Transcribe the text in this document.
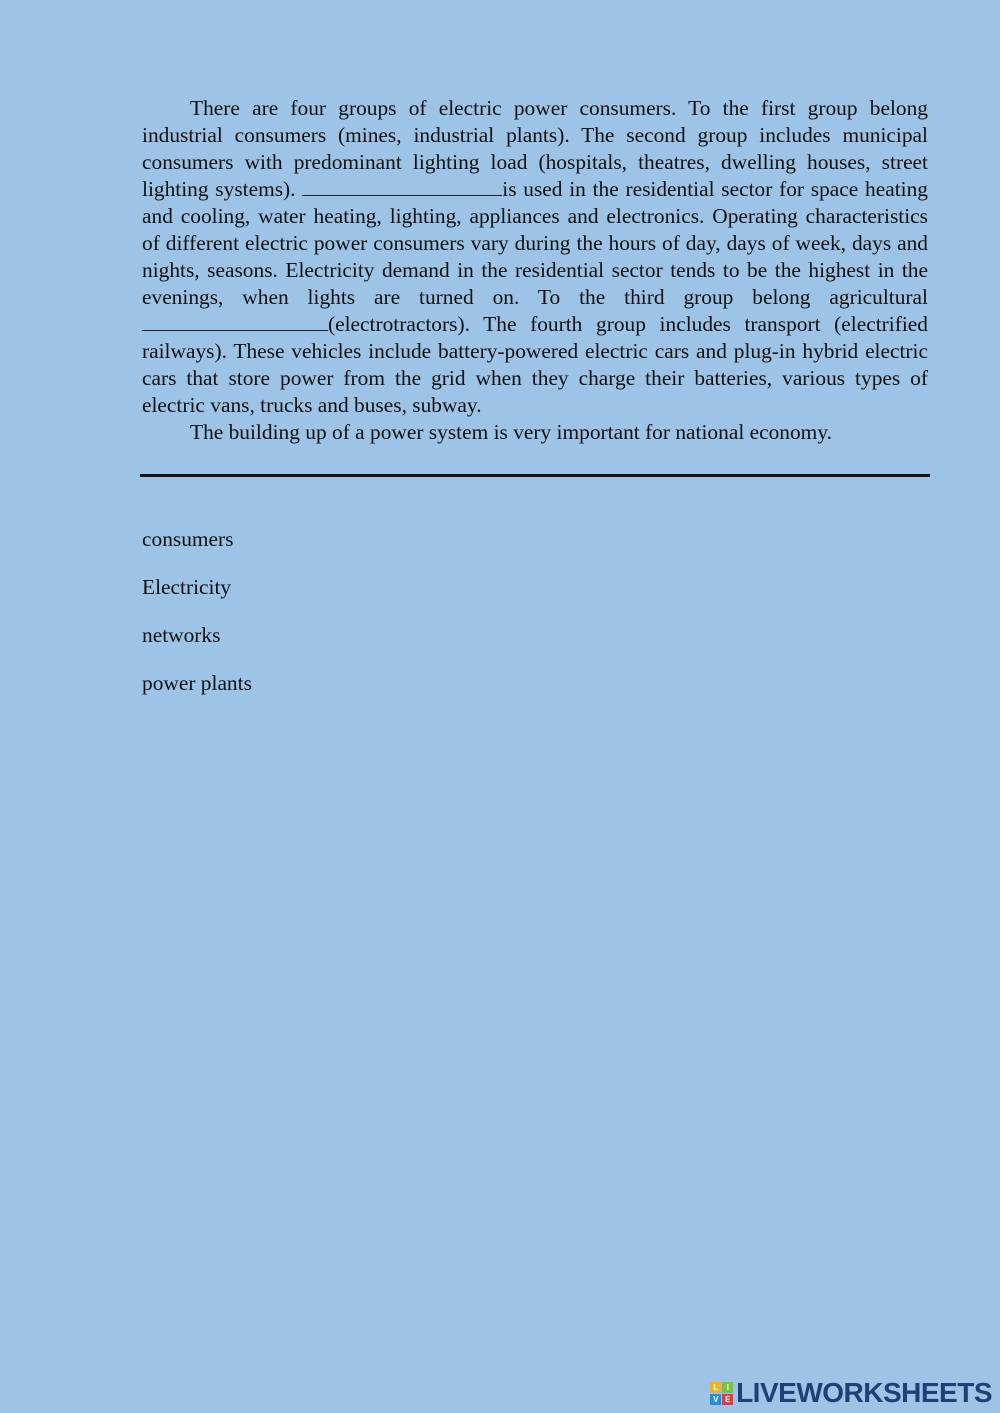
There are four groups of electric power consumers. To the first group belong industrial consumers (mines, industrial plants). The second group includes municipal consumers with predominant lighting load (hospitals, theatres, dwelling houses, street lighting systems).	is used in the residential sector for space heating and cooling, water heating, lighting, appliances and electronics. Operating characteristics of different electric power consumers vary during the hours of day, days of week, days and nights, seasons. Electricity demand in the residential sector tends to be the highest in the evenings, when lights are turned on. To the third group belong agricultural (electrotractors). The fourth group includes transport (electrified railways). These vehicles include battery-powered electric cars and plug-in hybrid electric cars that store power from the grid when they charge their batteries, various types of electric vans, trucks and buses, subway.

The building up of a power system is very important for national economy.

consumers
Electricity
networks
power plants
L	I
V E LIVEWORKSHEETS
